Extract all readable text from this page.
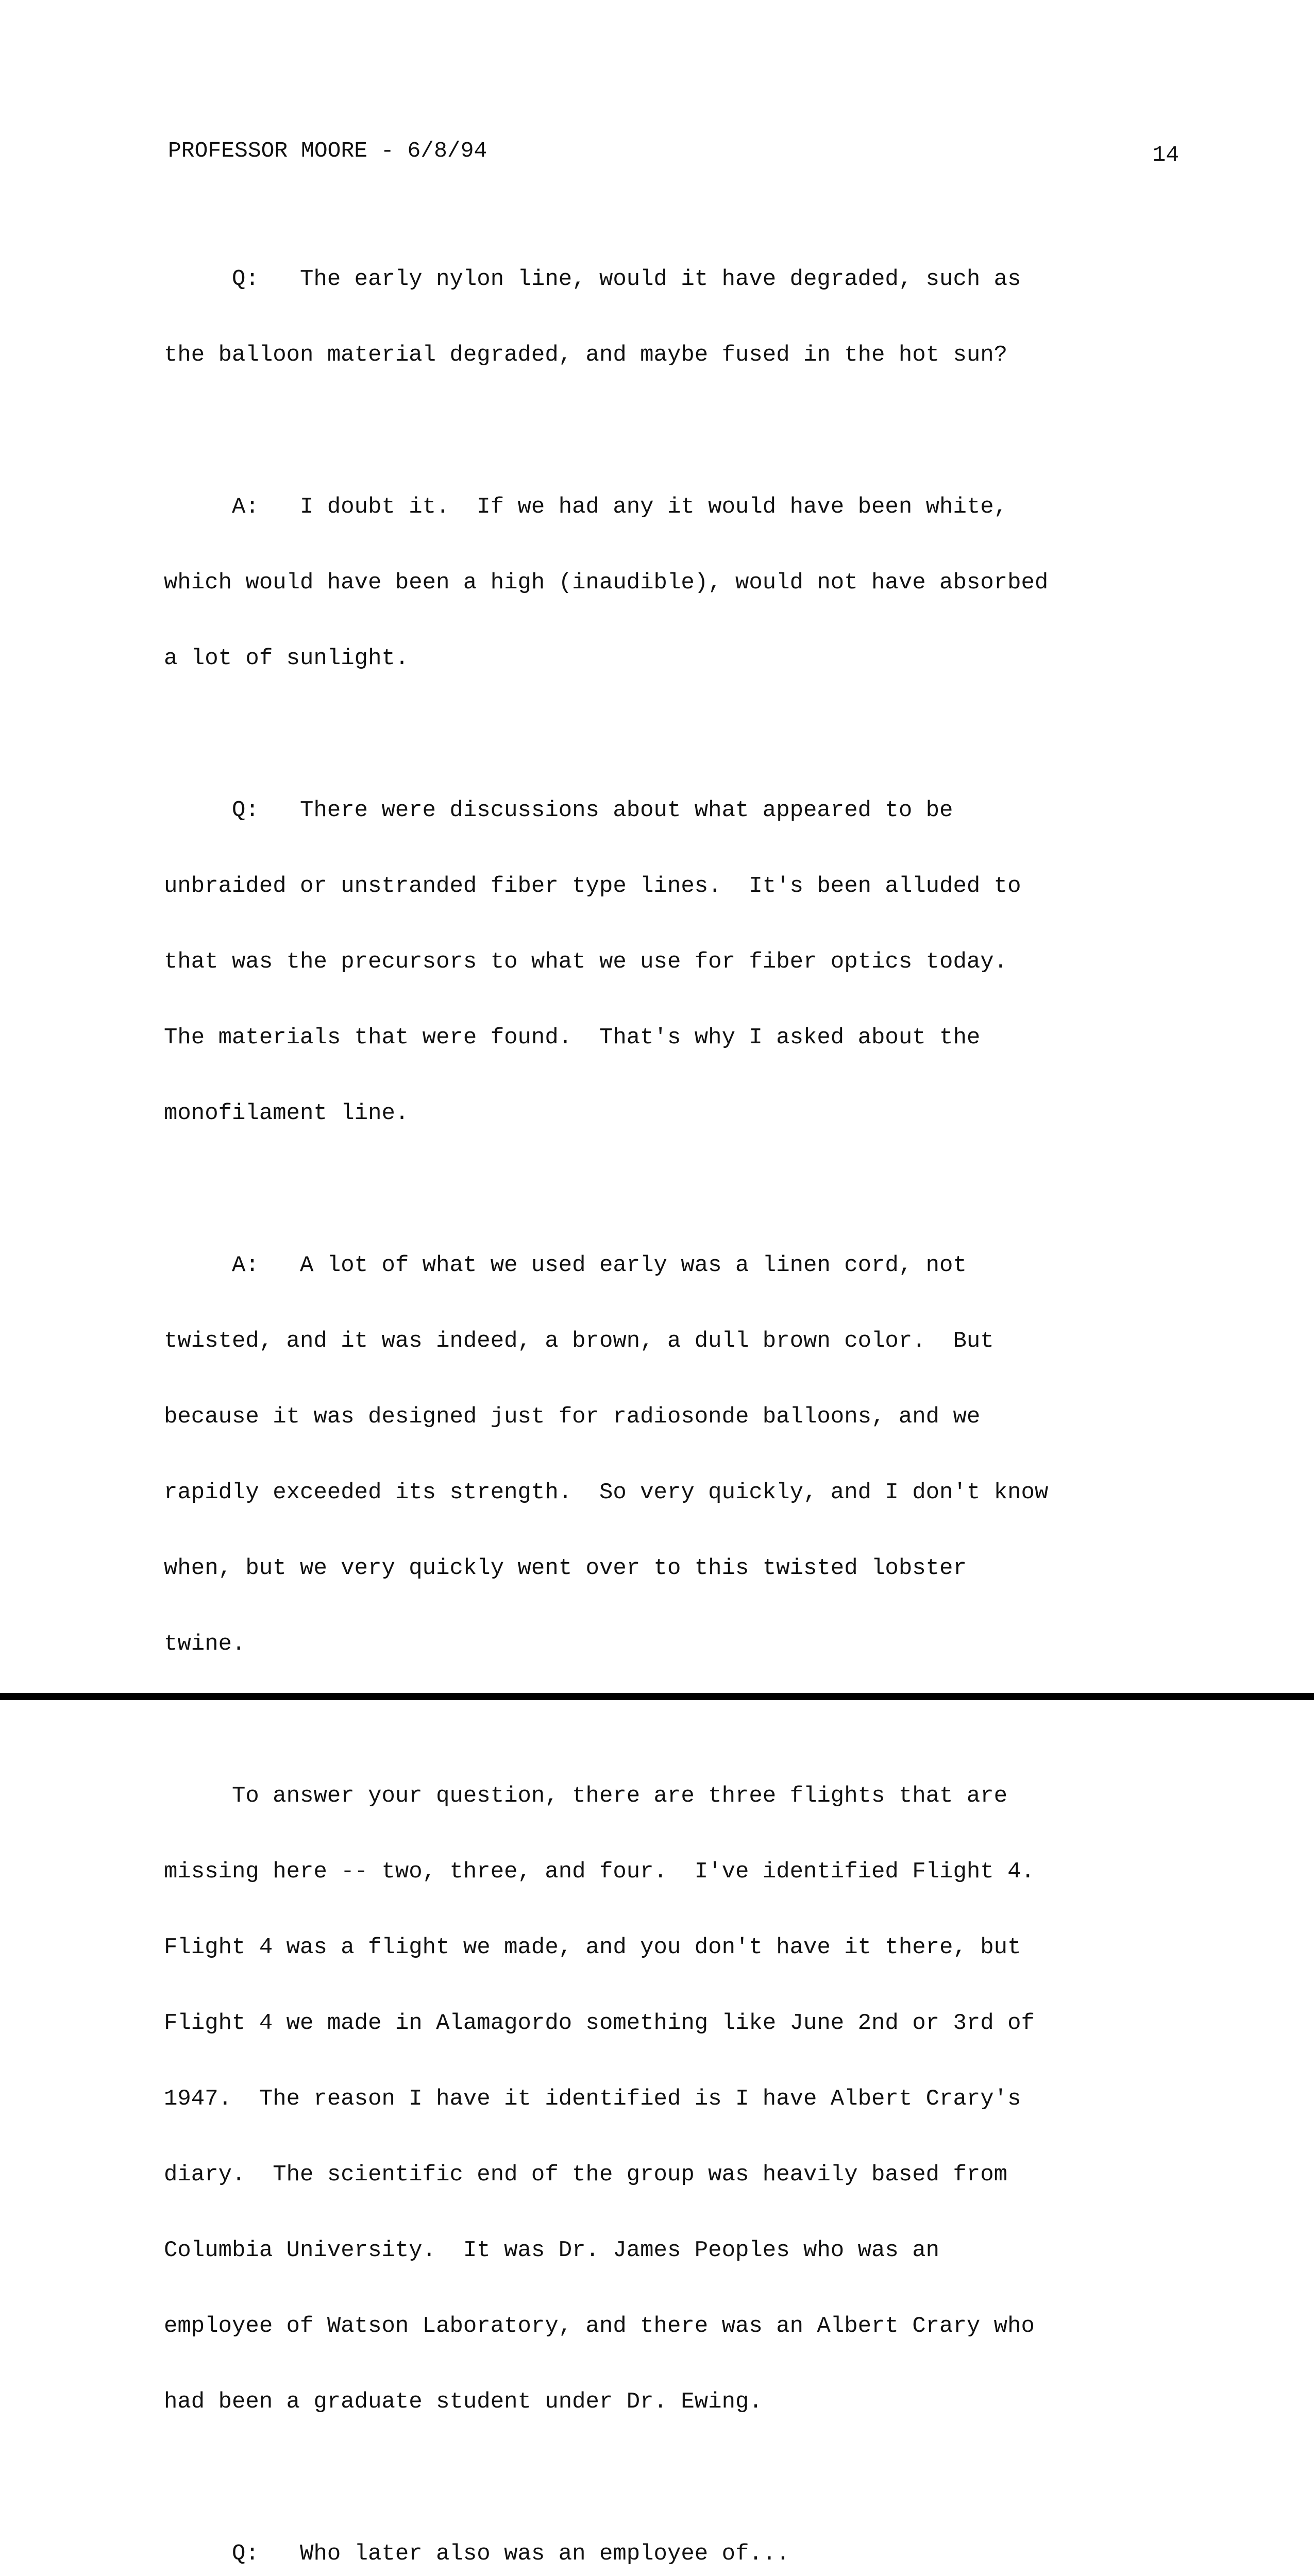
PROFESSOR MOORE - 6/8/94	14

Q:   The early nylon line, would it have degraded, such as

the balloon material degraded, and maybe fused in the hot sun?

A:   I doubt it.  If we had any it would have been white,

which would have been a high (inaudible), would not have absorbed

a lot of sunlight.

Q:   There were discussions about what appeared to be

unbraided or unstranded fiber type lines.  It's been alluded to

that was the precursors to what we use for fiber optics today.

The materials that were found.  That's why I asked about the

monofilament line.

A:   A lot of what we used early was a linen cord, not

twisted, and it was indeed, a brown, a dull brown color.  But

because it was designed just for radiosonde balloons, and we

rapidly exceeded its strength.  So very quickly, and I don't know

when, but we very quickly went over to this twisted lobster

twine.

To answer your question, there are three flights that are

missing here -- two, three, and four.  I've identified Flight 4.

Flight 4 was a flight we made, and you don't have it there, but

Flight 4 we made in Alamagordo something like June 2nd or 3rd of

1947.  The reason I have it identified is I have Albert Crary's

diary.  The scientific end of the group was heavily based from

Columbia University.  It was Dr. James Peoples who was an

employee of Watson Laboratory, and there was an Albert Crary who

had been a graduate student under Dr. Ewing.

Q:   Who later also was an employee of...
